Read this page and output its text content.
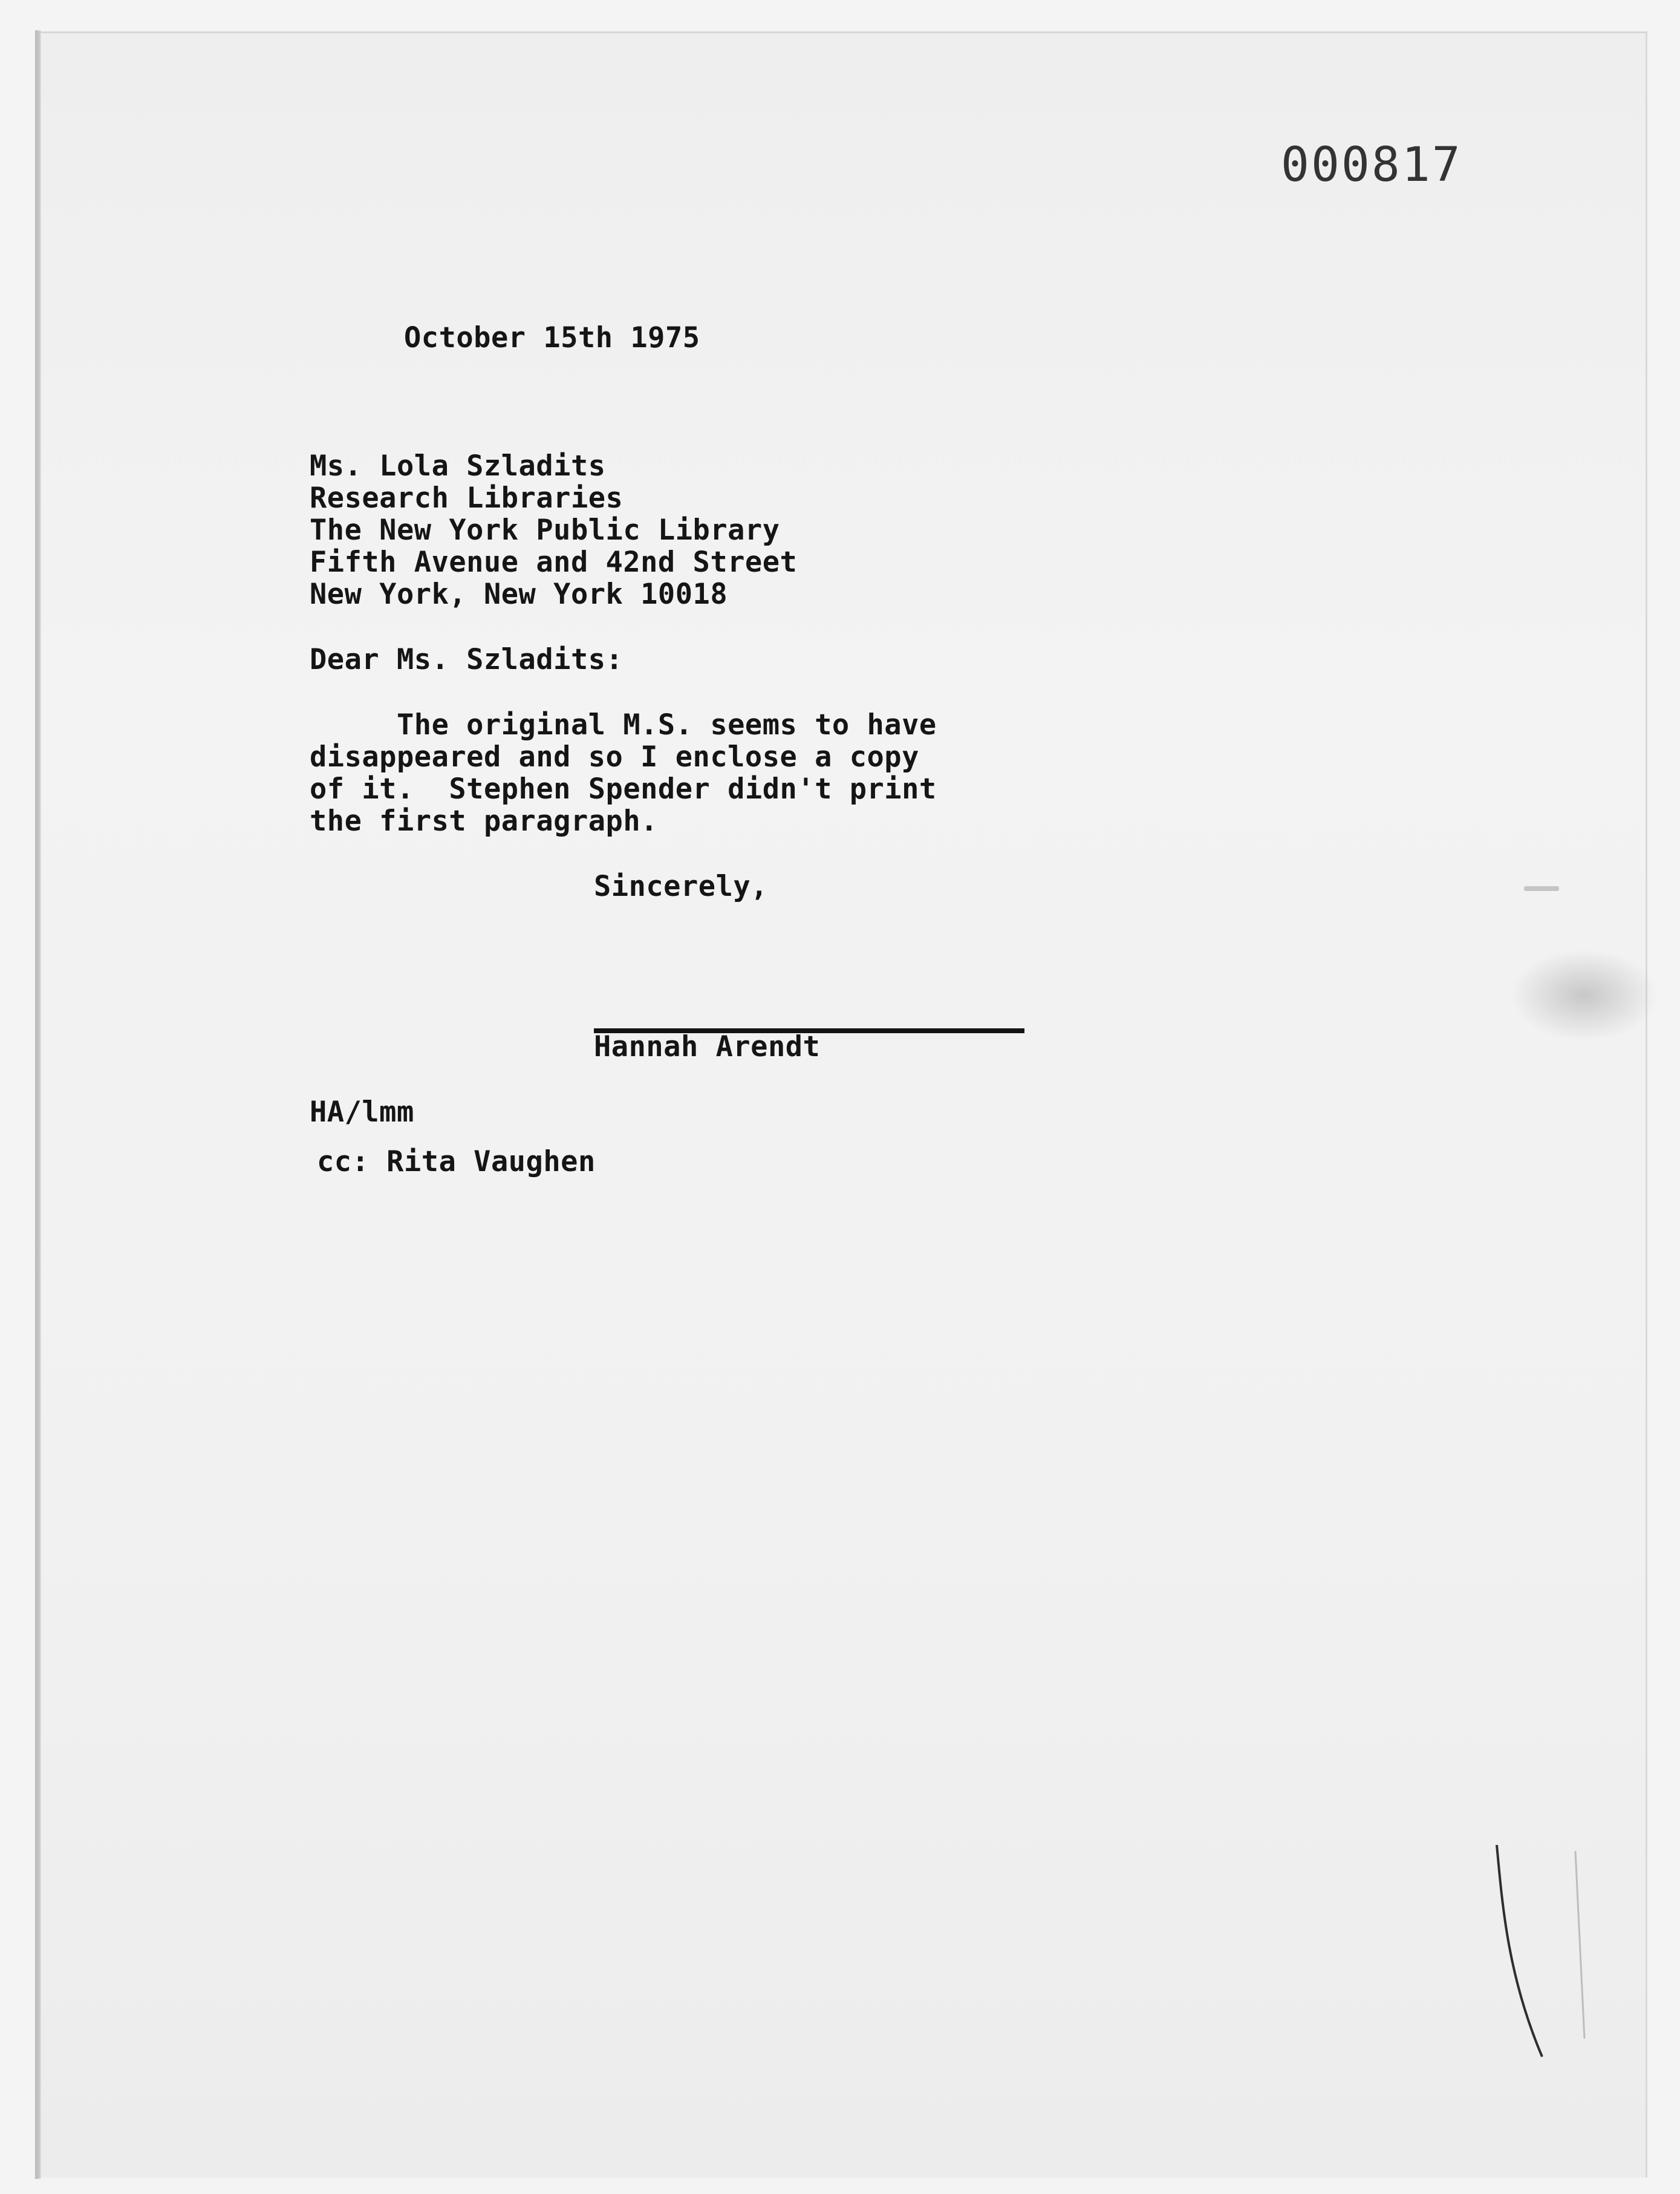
000817
October 15th 1975
Ms. Lola Szladits
Research Libraries
The New York Public Library
Fifth Avenue and 42nd Street
New York, New York 10018
Dear Ms. Szladits:
The original M.S. seems to have
disappeared and so I enclose a copy
of it.  Stephen Spender didn't print
the first paragraph.
Sincerely,
Hannah Arendt
HA/lmm
cc: Rita Vaughen
